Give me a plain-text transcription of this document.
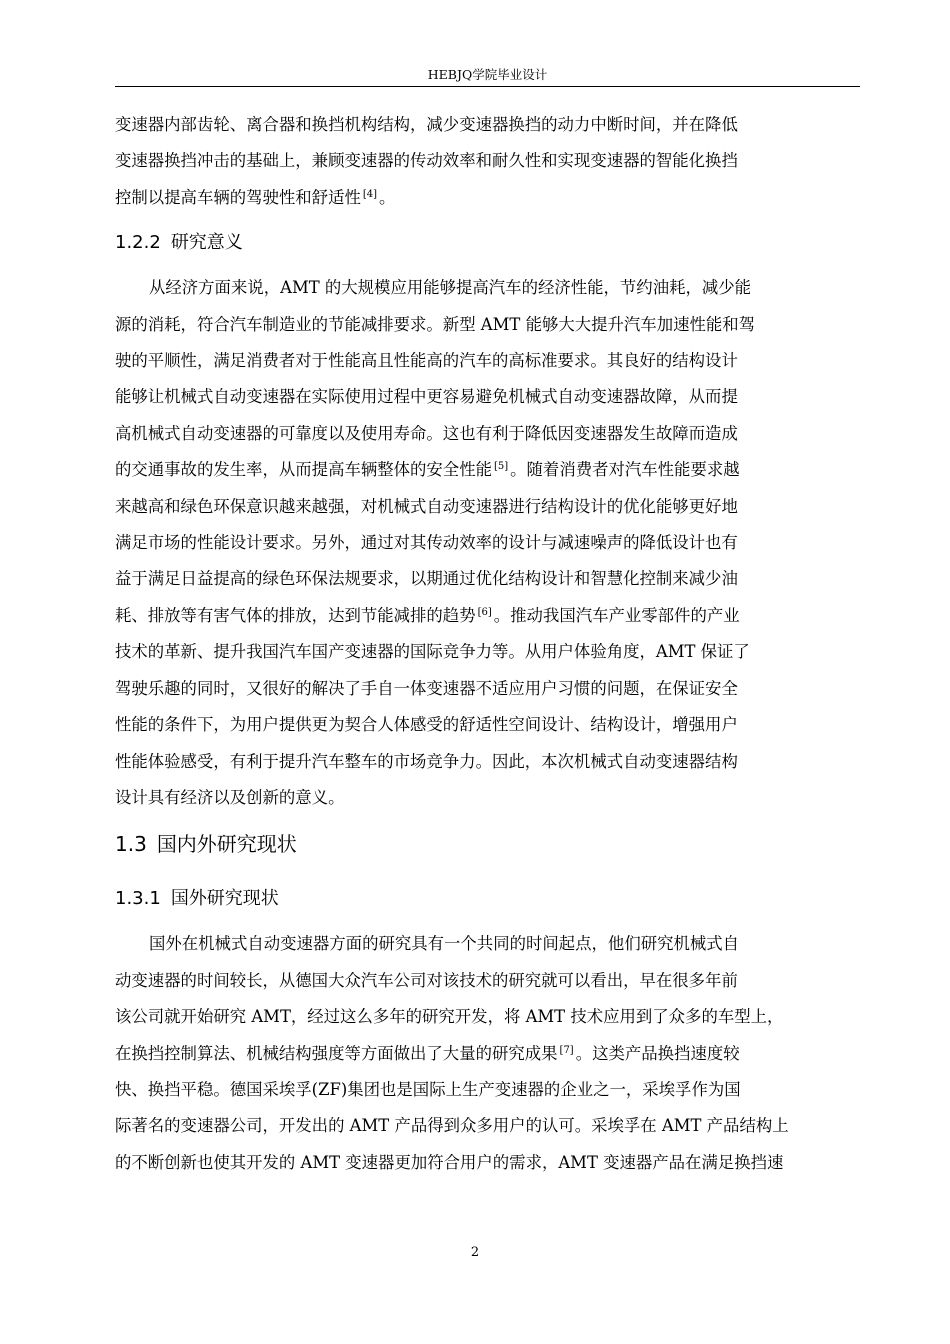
HEBJQ学院毕业设计

变速器内部齿轮、离合器和换挡机构结构，减少变速器换挡的动力中断时间，并在降低
变速器换挡冲击的基础上，兼顾变速器的传动效率和耐久性和实现变速器的智能化换挡
控制以提高车辆的驾驶性和舒适性 [4] 。

1.2.2 研究意义

从经济方面来说，AMT 的大规模应用能够提高汽车的经济性能，节约油耗，减少能
源的消耗，符合汽车制造业的节能减排要求。新型 AMT 能够大大提升汽车加速性能和驾
驶的平顺性，满足消费者对于性能高且性能高的汽车的高标准要求。其良好的结构设计
能够让机械式自动变速器在实际使用过程中更容易避免机械式自动变速器故障，从而提
高机械式自动变速器的可靠度以及使用寿命。这也有利于降低因变速器发生故障而造成
的交通事故的发生率，从而提高车辆整体的安全性能 [5] 。随着消费者对汽车性能要求越
来越高和绿色环保意识越来越强，对机械式自动变速器进行结构设计的优化能够更好地
满足市场的性能设计要求。另外，通过对其传动效率的设计与减速噪声的降低设计也有
益于满足日益提高的绿色环保法规要求，以期通过优化结构设计和智慧化控制来减少油
耗、排放等有害气体的排放，达到节能减排的趋势 [6] 。推动我国汽车产业零部件的产业
技术的革新、提升我国汽车国产变速器的国际竞争力等。从用户体验角度，AMT 保证了
驾驶乐趣的同时，又很好的解决了手自一体变速器不适应用户习惯的问题，在保证安全
性能的条件下，为用户提供更为契合人体感受的舒适性空间设计、结构设计，增强用户
性能体验感受，有利于提升汽车整车的市场竞争力。因此，本次机械式自动变速器结构
设计具有经济以及创新的意义。

1.3 国内外研究现状
1.3.1 国外研究现状

国外在机械式自动变速器方面的研究具有一个共同的时间起点，他们研究机械式自
动变速器的时间较长，从德国大众汽车公司对该技术的研究就可以看出，早在很多年前
该公司就开始研究 AMT，经过这么多年的研究开发，将 AMT 技术应用到了众多的车型上，
在换挡控制算法、机械结构强度等方面做出了大量的研究成果 [7] 。这类产品换挡速度较
快、换挡平稳。德国采埃孚(ZF)集团也是国际上生产变速器的企业之一，采埃孚作为国
际著名的变速器公司，开发出的 AMT 产品得到众多用户的认可。采埃孚在 AMT 产品结构上
的不断创新也使其开发的 AMT 变速器更加符合用户的需求，AMT 变速器产品在满足换挡速

2
